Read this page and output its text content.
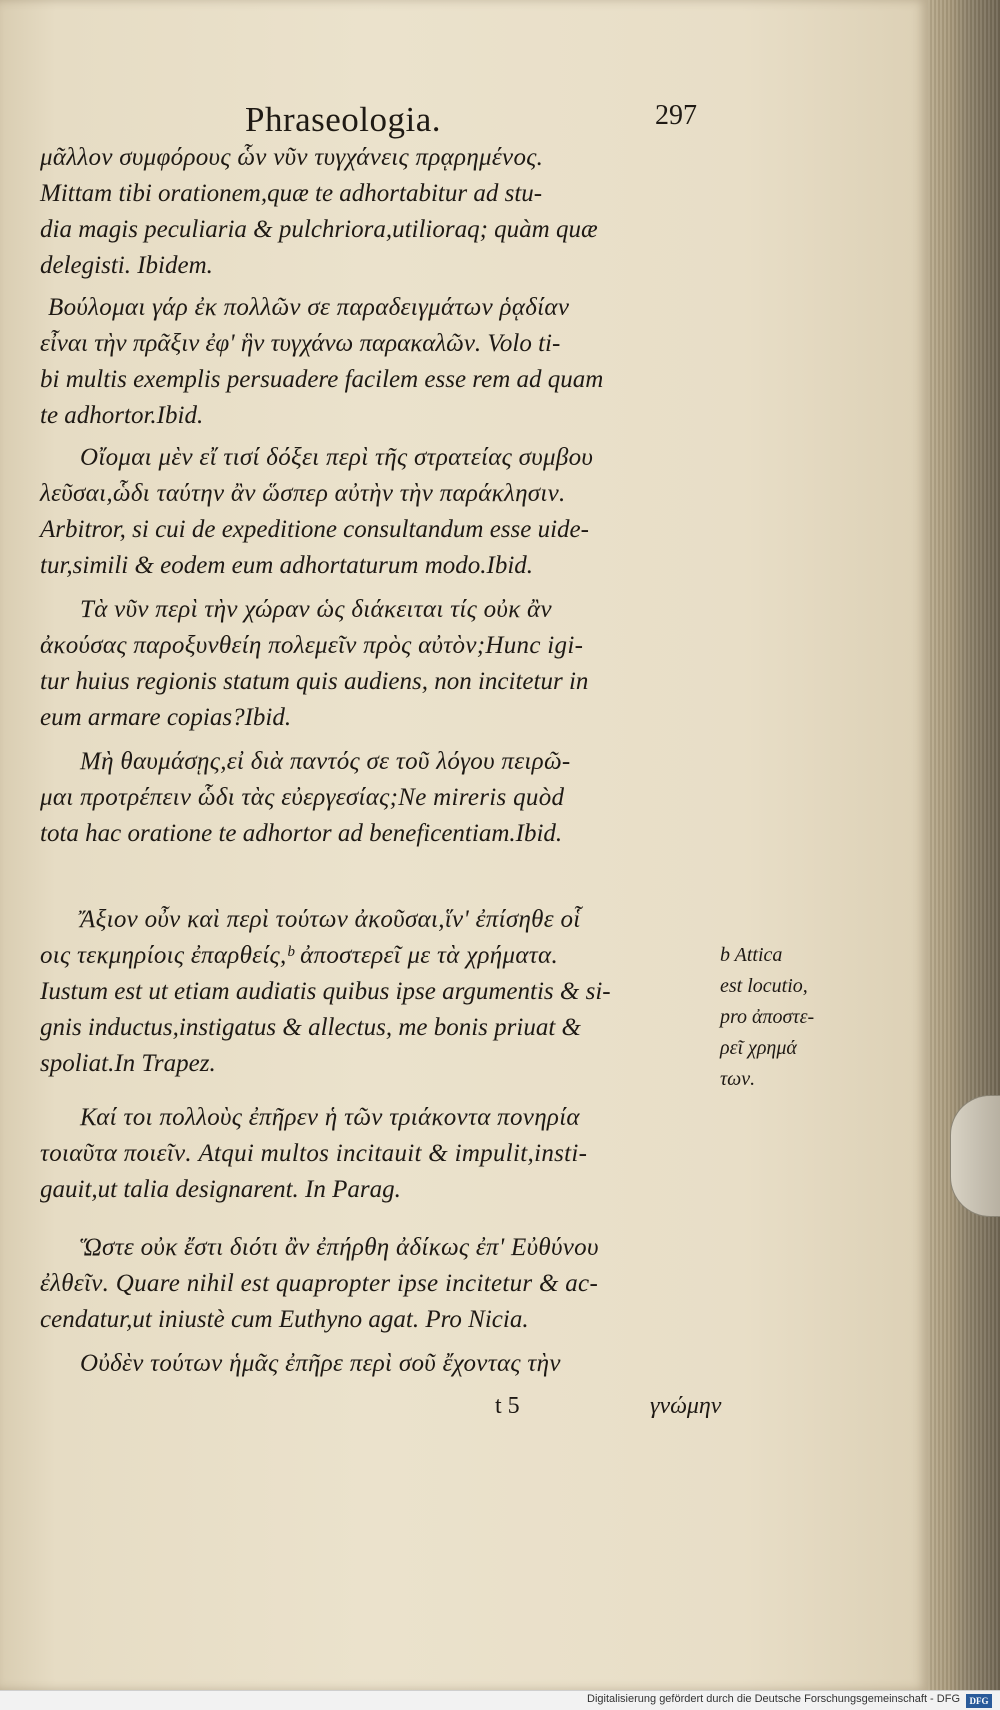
Phraseologia.	297
μᾶλλον συμφόρους ὧν νῦν τυγχάνεις πρᾳρημένος.
Mittam tibi orationem,quæ te adhortabitur ad stu-
dia magis peculiaria & pulchriora,utilioraq; quàm quæ
delegisti. Ibidem.
Βούλομαι γάρ ἐκ πολλῶν σε παραδειγμάτων ῥᾳδίαν
εἶναι τὴν πρᾶξιν ἐφ' ἣν τυγχάνω παρακαλῶν. Volo ti-
bi multis exemplis persuadere facilem esse rem ad quam
te adhortor.Ibid.
Οἴομαι μὲν εἴ τισί δόξει περὶ τῆς στρατείας συμβου
λεῦσαι,ὧδι ταύτην ἂν ὥσπερ αὐτὴν τὴν παράκλησιν.
Arbitror, si cui de expeditione consultandum esse uide-
tur,simili & eodem eum adhortaturum modo.Ibid.
Τὰ νῦν περὶ τὴν χώραν ὡς διάκειται τίς οὐκ ἂν
ἀκούσας παροξυνθείη πολεμεῖν πρὸς αὐτὸν;Hunc igi-
tur huius regionis statum quis audiens, non incitetur in
eum armare copias?Ibid.
Μὴ θαυμάσῃς,εἰ διὰ παντός σε τοῦ λόγου πειρῶ-
μαι προτρέπειν ὧδι τὰς εὐεργεσίας;Ne mireris quòd
tota hac oratione te adhortor ad beneficentiam.Ibid.
Ἄξιον οὖν καὶ περὶ τούτων ἀκοῦσαι,ἵν' ἐπίσηθε οἷ
οις τεκμηρίοις ἐπαρθείς,ᵇ ἀποστερεῖ με τὰ χρήματα.
Iustum est ut etiam audiatis quibus ipse argumentis & si-
gnis inductus,instigatus & allectus, me bonis priuat &
spoliat.In Trapez.
Καί τοι πολλοὺς ἐπῆρεν ἡ τῶν τριάκοντα πονηρία
τοιαῦτα ποιεῖν. Atqui multos incitauit & impulit,insti-
gauit,ut talia designarent. In Parag.
Ὥστε οὐκ ἔστι διότι ἂν ἐπήρθη ἀδίκως ἐπ' Εὐθύνου
ἐλθεῖν. Quare nihil est quapropter ipse incitetur & ac-
cendatur,ut iniustè cum Euthyno agat. Pro Nicia.
Οὐδὲν τούτων ἡμᾶς ἐπῆρε περὶ σοῦ ἔχοντας τὴν
b Attica
est locutio,
pro ἀποστε-
ρεῖ χρημά
των.
t 5	γνώμην
Digitalisierung gefördert durch die Deutsche Forschungsgemeinschaft - DFG	DFG
